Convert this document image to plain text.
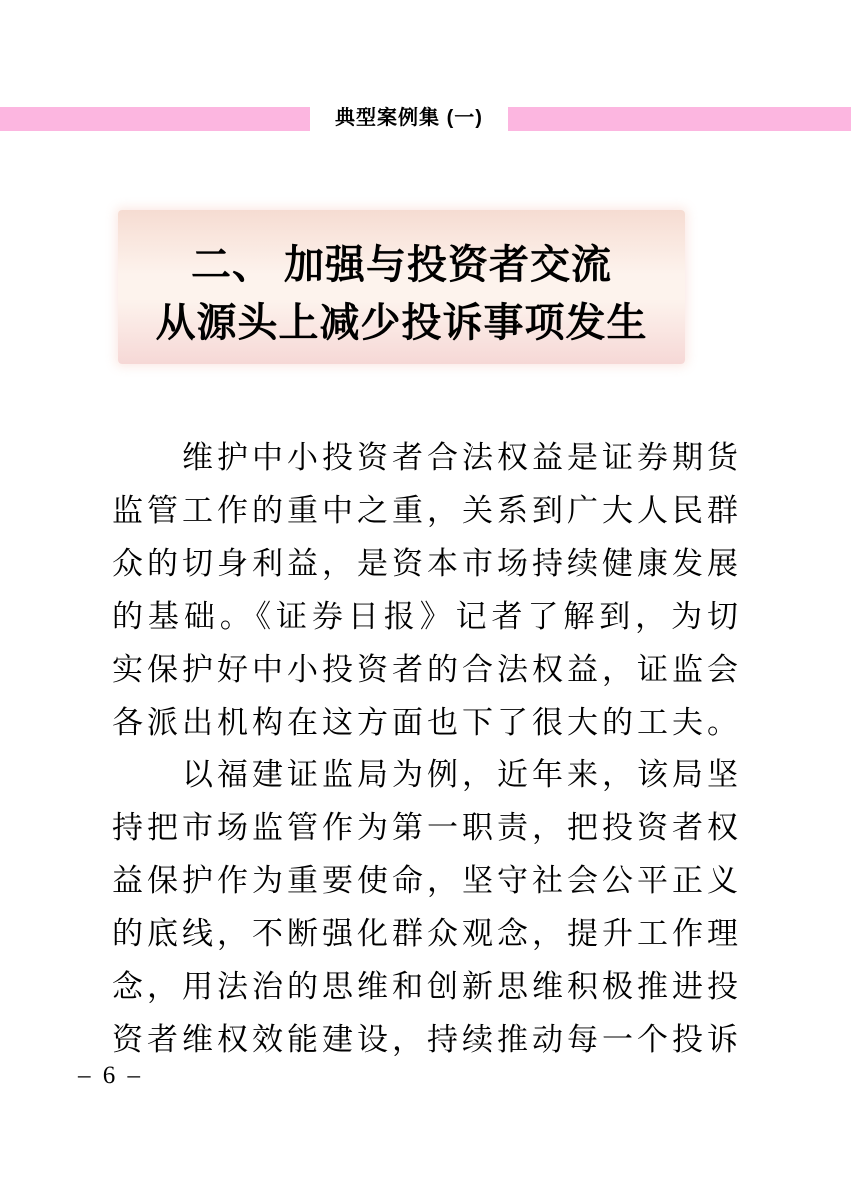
典型案例集 (一)
二、 加强与投资者交流
从源头上减少投诉事项发生
维护中小投资者合法权益是证券期货
监管工作的重中之重，关系到广大人民群
众的切身利益，是资本市场持续健康发展
的基础。《证券日报》记者了解到，为切
实保护好中小投资者的合法权益，证监会
各派出机构在这方面也下了很大的工夫。
以福建证监局为例，近年来，该局坚
持把市场监管作为第一职责，把投资者权
益保护作为重要使命，坚守社会公平正义
的底线，不断强化群众观念，提升工作理
念，用法治的思维和创新思维积极推进投
资者维权效能建设，持续推动每一个投诉
– 6 –
